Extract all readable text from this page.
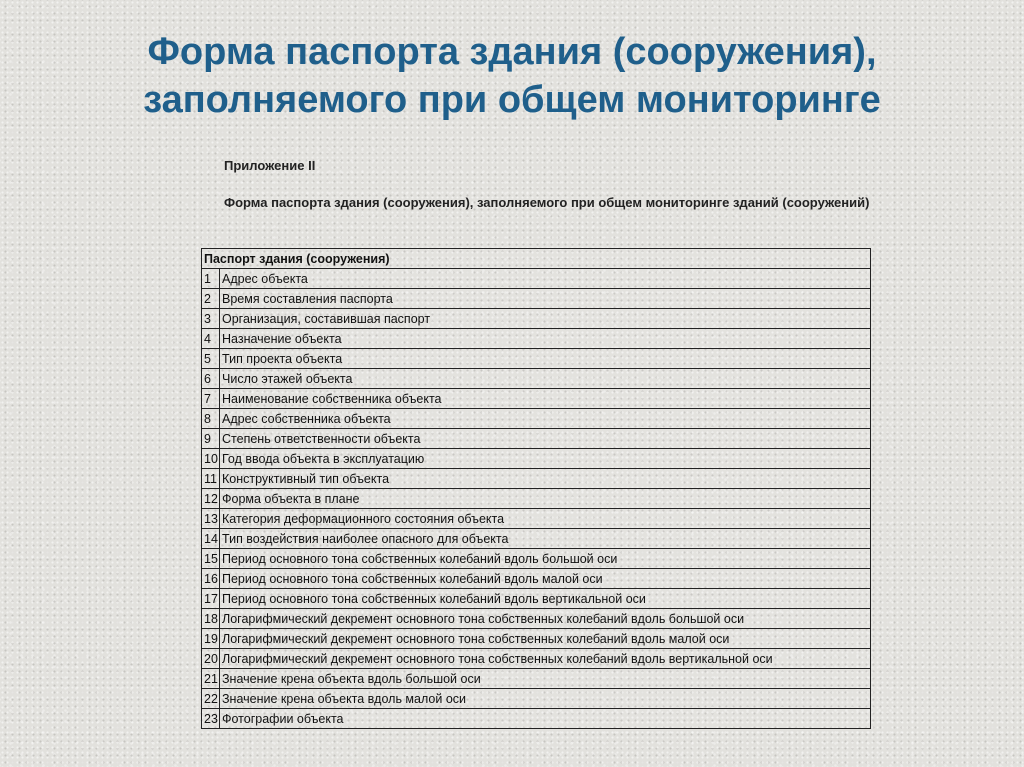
Форма паспорта здания (сооружения),
заполняемого при общем мониторинге
Приложение II
Форма паспорта здания (сооружения), заполняемого при общем мониторинге зданий (сооружений)
Паспорт здания (сооружения)	
1	Адрес объекта
2	Время составления паспорта
3	Организация, составившая паспорт
4	Назначение объекта
5	Тип проекта объекта
6	Число этажей объекта
7	Наименование собственника объекта
8	Адрес собственника объекта
9	Степень ответственности объекта
10	Год ввода объекта в эксплуатацию
11	Конструктивный тип объекта
12	Форма объекта в плане
13	Категория деформационного состояния объекта
14	Тип воздействия наиболее опасного для объекта
15	Период основного тона собственных колебаний вдоль большой оси
16	Период основного тона собственных колебаний вдоль малой оси
17	Период основного тона собственных колебаний вдоль вертикальной оси
18	Логарифмический декремент основного тона собственных колебаний вдоль большой оси
19	Логарифмический декремент основного тона собственных колебаний вдоль малой оси
20	Логарифмический декремент основного тона собственных колебаний вдоль вертикальной оси
21	Значение крена объекта вдоль большой оси
22	Значение крена объекта вдоль малой оси
23	Фотографии объекта
